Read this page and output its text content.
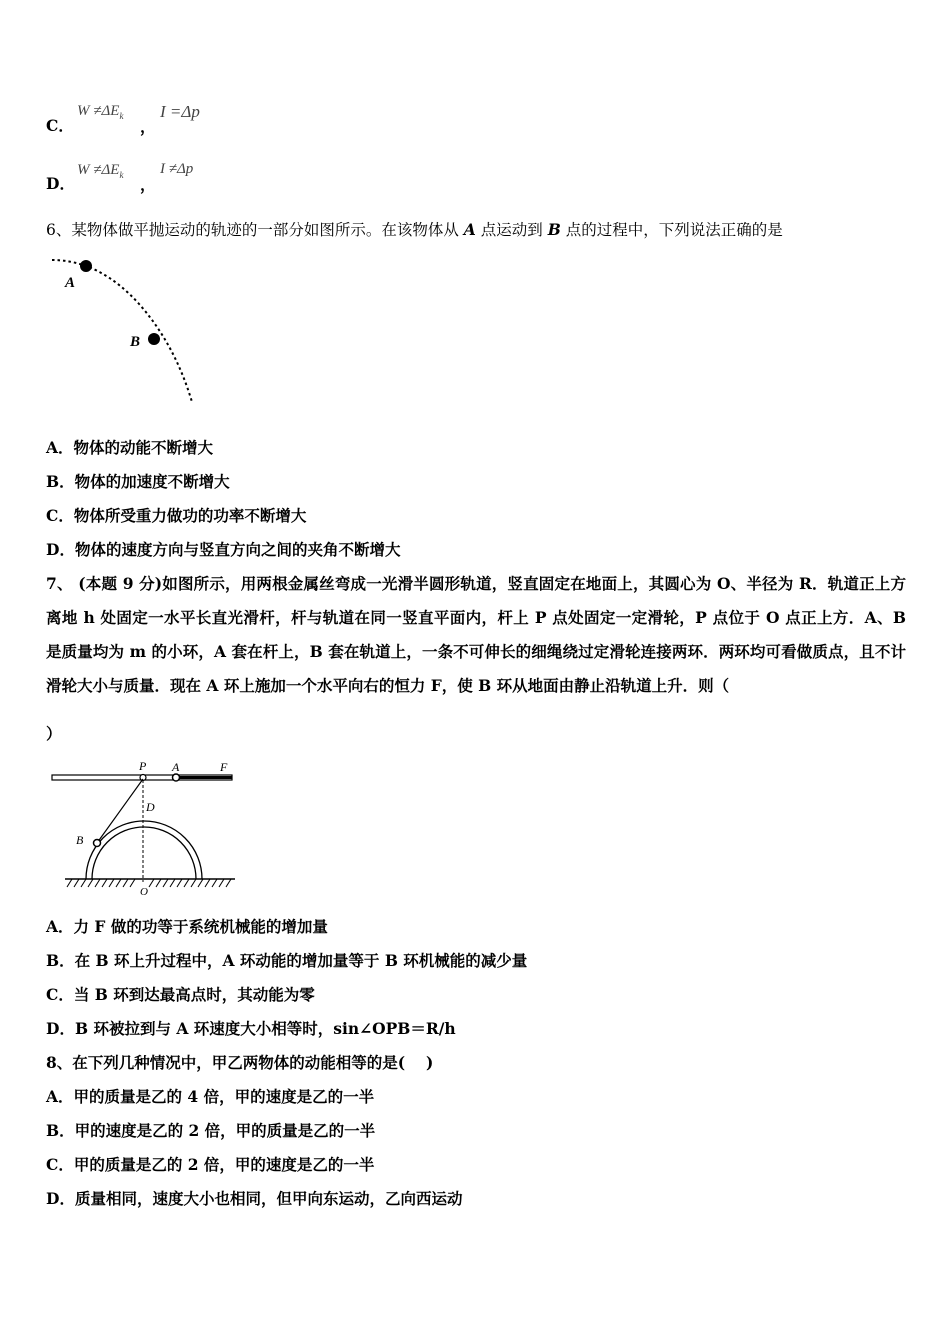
C．
$W \ne\Delta E_k$
，
I =Δp
D．
$W \ne\Delta E_k$ ，
I ≠Δp
6、某物体做平抛运动的轨迹的一部分如图所示。在该物体从 A 点运动到 B 点的过程中，下列说法正确的是
A
B
A．物体的动能不断增大
B．物体的加速度不断增大
C．物体所受重力做功的功率不断增大
D．物体的速度方向与竖直方向之间的夹角不断增大
7、 (本题 9 分)如图所示，用两根金属丝弯成一光滑半圆形轨道，竖直固定在地面上，其圆心为 O、半径为 R．轨道正上方离地 h 处固定一水平长直光滑杆，杆与轨道在同一竖直平面内，杆上 P 点处固定一定滑轮，P 点位于 O 点正上方．A、B 是质量均为 m 的小环，A 套在杆上，B 套在轨道上，一条不可伸长的细绳绕过定滑轮连接两环．两环均可看做质点，且不计滑轮大小与质量．现在 A 环上施加一个水平向右的恒力 F，使 B 环从地面由静止沿轨道上升．则（
）
P A	F
D
B
O
A．力 F 做的功等于系统机械能的增加量
B．在 B 环上升过程中，A 环动能的增加量等于 B 环机械能的减少量
C．当 B 环到达最高点时，其动能为零
D．B 环被拉到与 A 环速度大小相等时，sin∠OPB＝R/h
8、在下列几种情况中，甲乙两物体的动能相等的是(　 )
A．甲的质量是乙的 4 倍，甲的速度是乙的一半
B．甲的速度是乙的 2 倍，甲的质量是乙的一半
C．甲的质量是乙的 2 倍，甲的速度是乙的一半
D．质量相同，速度大小也相同，但甲向东运动，乙向西运动
